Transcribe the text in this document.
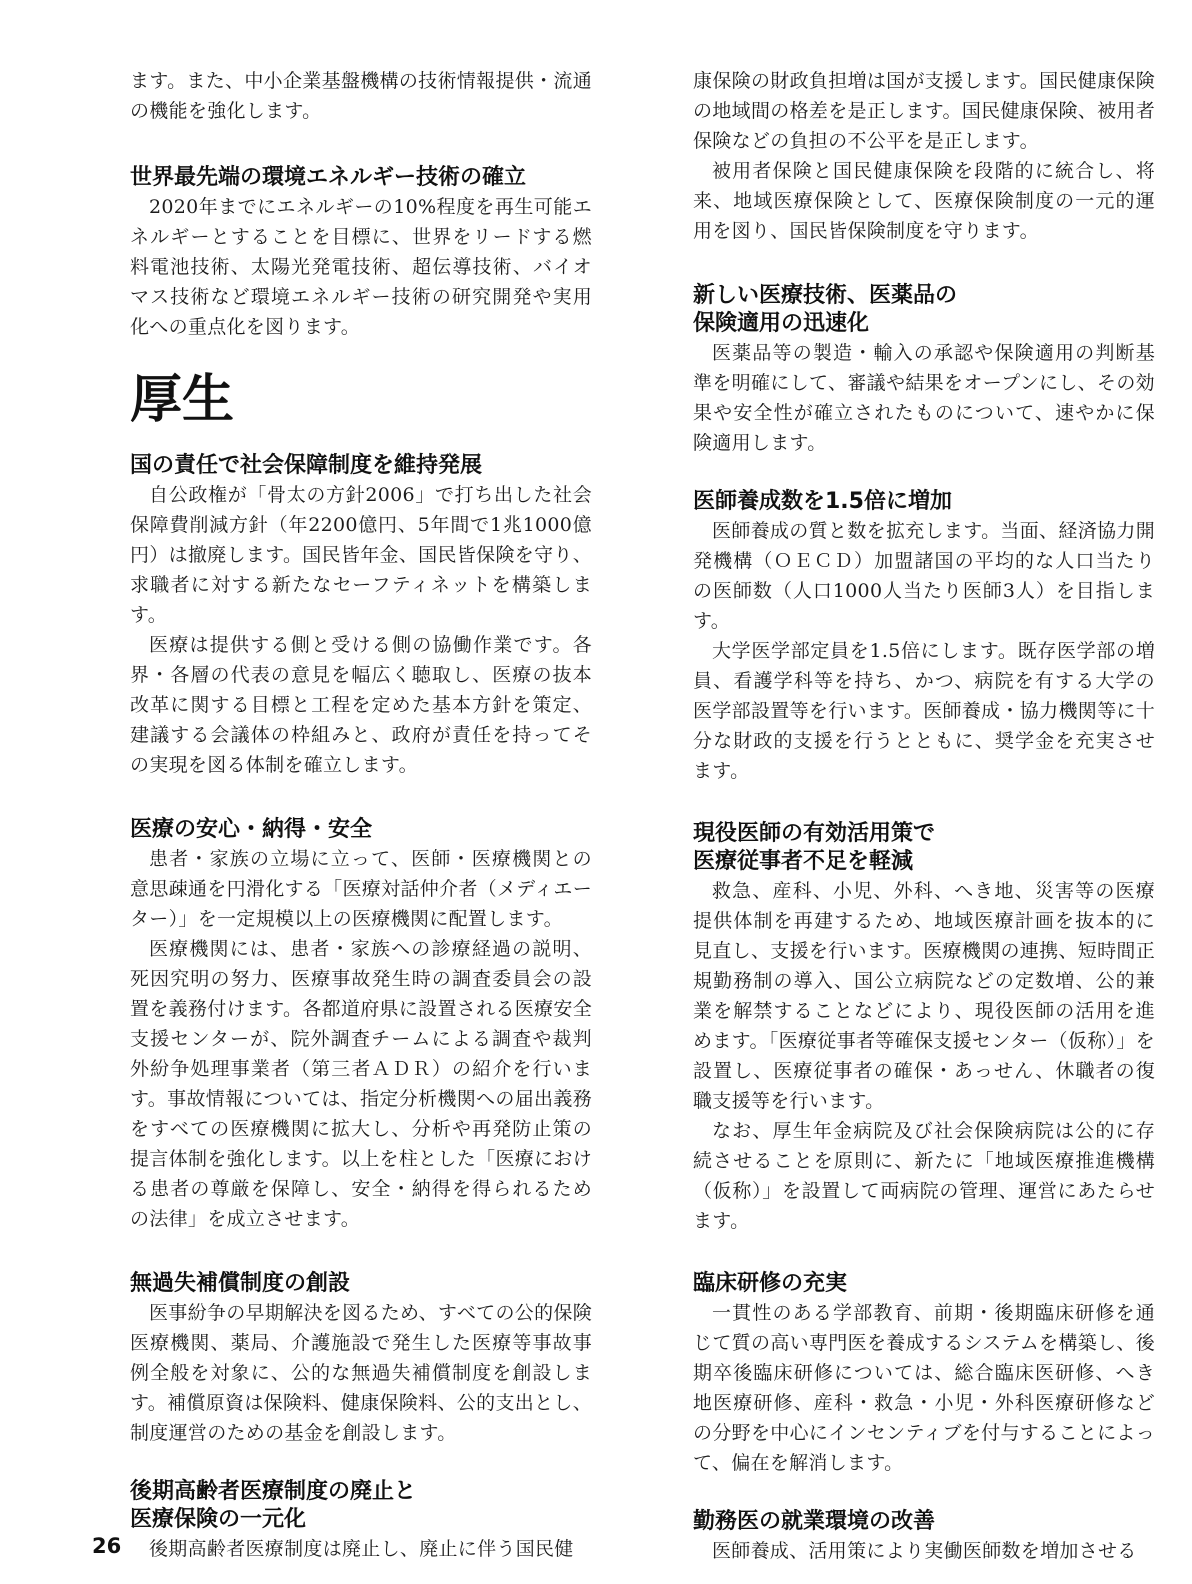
ます。また、中小企業基盤機構の技術情報提供・流通の機能を強化します。

世界最先端の環境エネルギー技術の確立

2020年までにエネルギーの10%程度を再生可能エネルギーとすることを目標に、世界をリードする燃料電池技術、太陽光発電技術、超伝導技術、バイオマス技術など環境エネルギー技術の研究開発や実用化への重点化を図ります。

厚生
国の責任で社会保障制度を維持発展

自公政権が「骨太の方針2006」で打ち出した社会保障費削減方針（年2200億円、5年間で1兆1000億円）は撤廃します。国民皆年金、国民皆保険を守り、求職者に対する新たなセーフティネットを構築します。

医療は提供する側と受ける側の協働作業です。各界・各層の代表の意見を幅広く聴取し、医療の抜本改革に関する目標と工程を定めた基本方針を策定、建議する会議体の枠組みと、政府が責任を持ってその実現を図る体制を確立します。

医療の安心・納得・安全

患者・家族の立場に立って、医師・医療機関との意思疎通を円滑化する「医療対話仲介者（メディエーター）」を一定規模以上の医療機関に配置します。

医療機関には、患者・家族への診療経過の説明、死因究明の努力、医療事故発生時の調査委員会の設置を義務付けます。各都道府県に設置される医療安全支援センターが、院外調査チームによる調査や裁判外紛争処理事業者（第三者ＡＤＲ）の紹介を行います。事故情報については、指定分析機関への届出義務をすべての医療機関に拡大し、分析や再発防止策の提言体制を強化します。以上を柱とした「医療における患者の尊厳を保障し、安全・納得を得られるための法律」を成立させます。

無過失補償制度の創設

医事紛争の早期解決を図るため、すべての公的保険医療機関、薬局、介護施設で発生した医療等事故事例全般を対象に、公的な無過失補償制度を創設します。補償原資は保険料、健康保険料、公的支出とし、制度運営のための基金を創設します。

後期高齢者医療制度の廃止と
医療保険の一元化

後期高齢者医療制度は廃止し、廃止に伴う国民健

康保険の財政負担増は国が支援します。国民健康保険の地域間の格差を是正します。国民健康保険、被用者保険などの負担の不公平を是正します。

被用者保険と国民健康保険を段階的に統合し、将来、地域医療保険として、医療保険制度の一元的運用を図り、国民皆保険制度を守ります。

新しい医療技術、医薬品の
保険適用の迅速化

医薬品等の製造・輸入の承認や保険適用の判断基準を明確にして、審議や結果をオープンにし、その効果や安全性が確立されたものについて、速やかに保険適用します。

医師養成数を1.5倍に増加

医師養成の質と数を拡充します。当面、経済協力開発機構（ＯＥＣＤ）加盟諸国の平均的な人口当たりの医師数（人口1000人当たり医師3人）を目指します。

大学医学部定員を1.5倍にします。既存医学部の増員、看護学科等を持ち、かつ、病院を有する大学の医学部設置等を行います。医師養成・協力機関等に十分な財政的支援を行うとともに、奨学金を充実させます。

現役医師の有効活用策で
医療従事者不足を軽減

救急、産科、小児、外科、へき地、災害等の医療提供体制を再建するため、地域医療計画を抜本的に見直し、支援を行います。医療機関の連携、短時間正規勤務制の導入、国公立病院などの定数増、公的兼業を解禁することなどにより、現役医師の活用を進めます。「医療従事者等確保支援センター（仮称）」を設置し、医療従事者の確保・あっせん、休職者の復職支援等を行います。

なお、厚生年金病院及び社会保険病院は公的に存続させることを原則に、新たに「地域医療推進機構（仮称）」を設置して両病院の管理、運営にあたらせます。

臨床研修の充実

一貫性のある学部教育、前期・後期臨床研修を通じて質の高い専門医を養成するシステムを構築し、後期卒後臨床研修については、総合臨床医研修、へき地医療研修、産科・救急・小児・外科医療研修などの分野を中心にインセンティブを付与することによって、偏在を解消します。

勤務医の就業環境の改善

医師養成、活用策により実働医師数を増加させる

26
